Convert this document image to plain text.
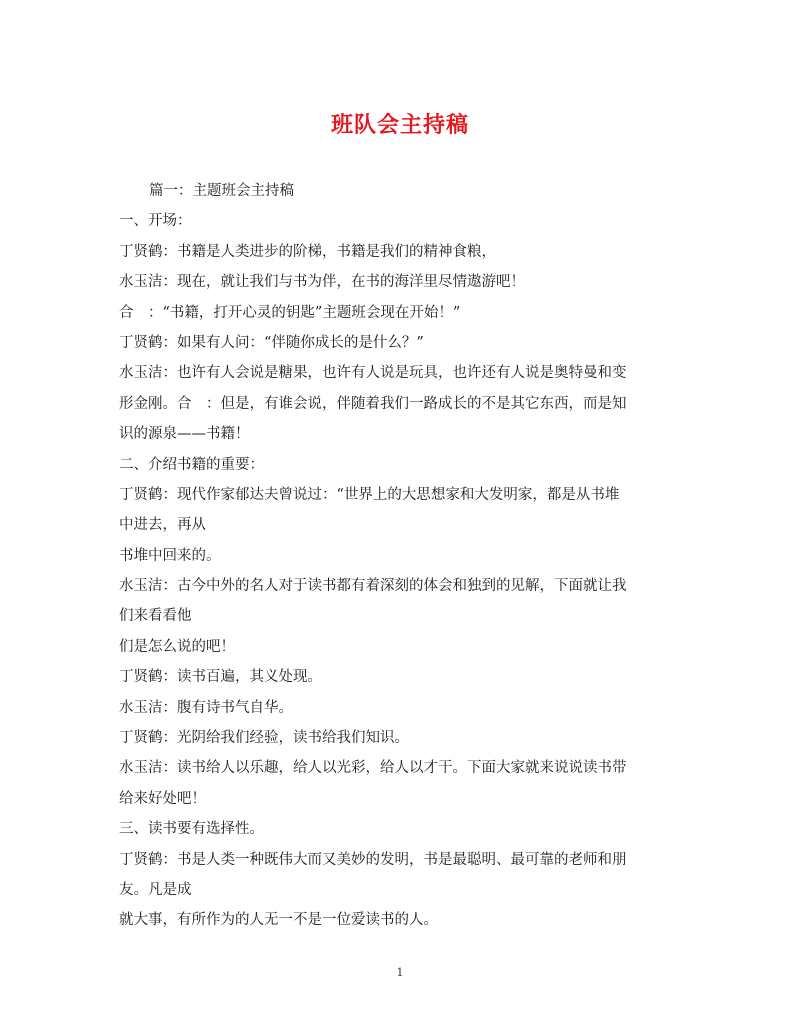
班队会主持稿
篇一：主题班会主持稿
一、开场：
丁贤鹤：书籍是人类进步的阶梯，书籍是我们的精神食粮，
水玉洁：现在，就让我们与书为伴，在书的海洋里尽情遨游吧！
合　：“书籍，打开心灵的钥匙”主题班会现在开始！”
丁贤鹤：如果有人问：“伴随你成长的是什么？”
水玉洁：也许有人会说是糖果，也许有人说是玩具，也许还有人说是奥特曼和变
形金刚。合　：但是，有谁会说，伴随着我们一路成长的不是其它东西，而是知
识的源泉——书籍！
二、介绍书籍的重要：
丁贤鹤：现代作家郁达夫曾说过：“世界上的大思想家和大发明家，都是从书堆
中进去，再从
书堆中回来的。
水玉洁：古今中外的名人对于读书都有着深刻的体会和独到的见解，下面就让我
们来看看他
们是怎么说的吧！
丁贤鹤：读书百遍，其义处现。
水玉洁：腹有诗书气自华。
丁贤鹤：光阴给我们经验，读书给我们知识。
水玉洁：读书给人以乐趣，给人以光彩，给人以才干。下面大家就来说说读书带
给来好处吧！
三、读书要有选择性。
丁贤鹤：书是人类一种既伟大而又美妙的发明，书是最聪明、最可靠的老师和朋
友。凡是成
就大事，有所作为的人无一不是一位爱读书的人。
1
